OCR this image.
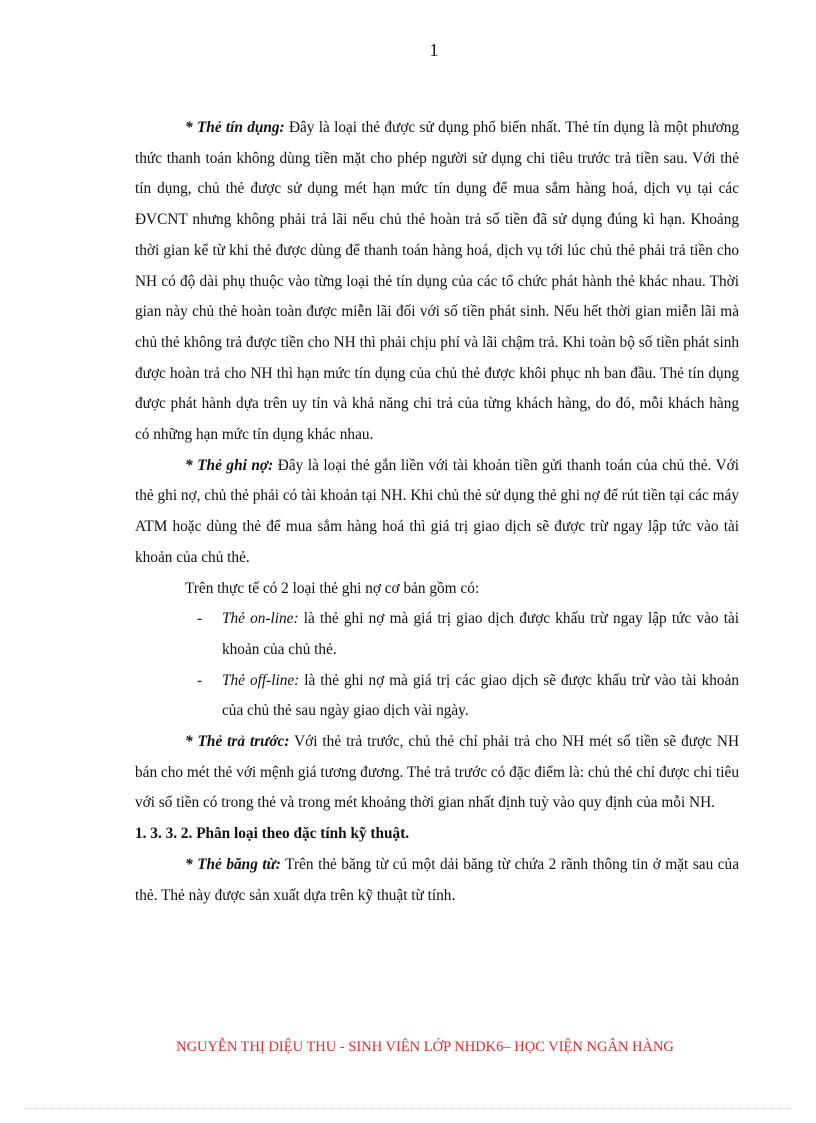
1

* Thẻ tín dụng: Đây là loại thẻ được sử dụng phổ biến nhất. Thẻ tín dụng là một phương thức thanh toán không dùng tiền mặt cho phép người sử dụng chi tiêu trước trả tiền sau. Với thẻ tín dụng, chủ thẻ được sử dụng mét hạn mức tín dụng để mua sắm hàng hoá, dịch vụ tại các ĐVCNT nhưng không phải trả lãi nếu chủ thẻ hoàn trả số tiền đã sử dụng đúng kì hạn. Khoảng thời gian kể từ khi thẻ được dùng để thanh toán hàng hoá, dịch vụ tới lúc chủ thẻ phải trả tiền cho NH có độ dài phụ thuộc vào từng loại thẻ tín dụng của các tổ chức phát hành thẻ khác nhau. Thời gian này chủ thẻ hoàn toàn được miễn lãi đối với số tiền phát sinh. Nếu hết thời gian miễn lãi mà chủ thẻ không trả được tiền cho NH thì phải chịu phí và lãi chậm trả. Khi toàn bộ số tiền phát sinh được hoàn trả cho NH thì hạn mức tín dụng của chủ thẻ được khôi phục nh ban đầu. Thẻ tín dụng được phát hành dựa trên uy tín và khả năng chi trả của từng khách hàng, do đó, mỗi khách hàng có những hạn mức tín dụng khác nhau.

* Thẻ ghi nợ: Đây là loại thẻ gắn liền với tài khoản tiền gửi thanh toán của chủ thẻ. Với thẻ ghi nợ, chủ thẻ phải có tài khoản tại NH. Khi chủ thẻ sử dụng thẻ ghi nợ để rút tiền tại các máy ATM hoặc dùng thẻ để mua sắm hàng hoá thì giá trị giao dịch sẽ được trừ ngay lập tức vào tài khoản của chủ thẻ.

Trên thực tế có 2 loại thẻ ghi nợ cơ bản gồm có:

- Thẻ on-line: là thẻ ghi nợ mà giá trị giao dịch được khấu trừ ngay lập tức vào tài khoản của chủ thẻ.

- Thẻ off-line: là thẻ ghi nợ mà giá trị các giao dịch sẽ được khấu trừ vào tài khoản của chủ thẻ sau ngày giao dịch vài ngày.

* Thẻ trả trước: Với thẻ trả trước, chủ thẻ chỉ phải trả cho NH mét số tiền sẽ được NH bán cho mét thẻ với mệnh giá tương đương. Thẻ trả trước có đặc điểm là: chủ thẻ chỉ được chi tiêu với số tiền có trong thẻ và trong mét khoảng thời gian nhất định tuỳ vào quy định của mỗi NH.

1. 3. 3. 2. Phân loại theo đặc tính kỹ thuật.

* Thẻ băng từ: Trên thẻ băng từ cú một dải băng từ chứa 2 rãnh thông tin ở mặt sau của thẻ. Thẻ này được sản xuất dựa trên kỹ thuật từ tính.

NGUYỄN THỊ DIỆU THU - SINH VIÊN LỚP NHDK6– HỌC VIỆN NGÂN HÀNG
